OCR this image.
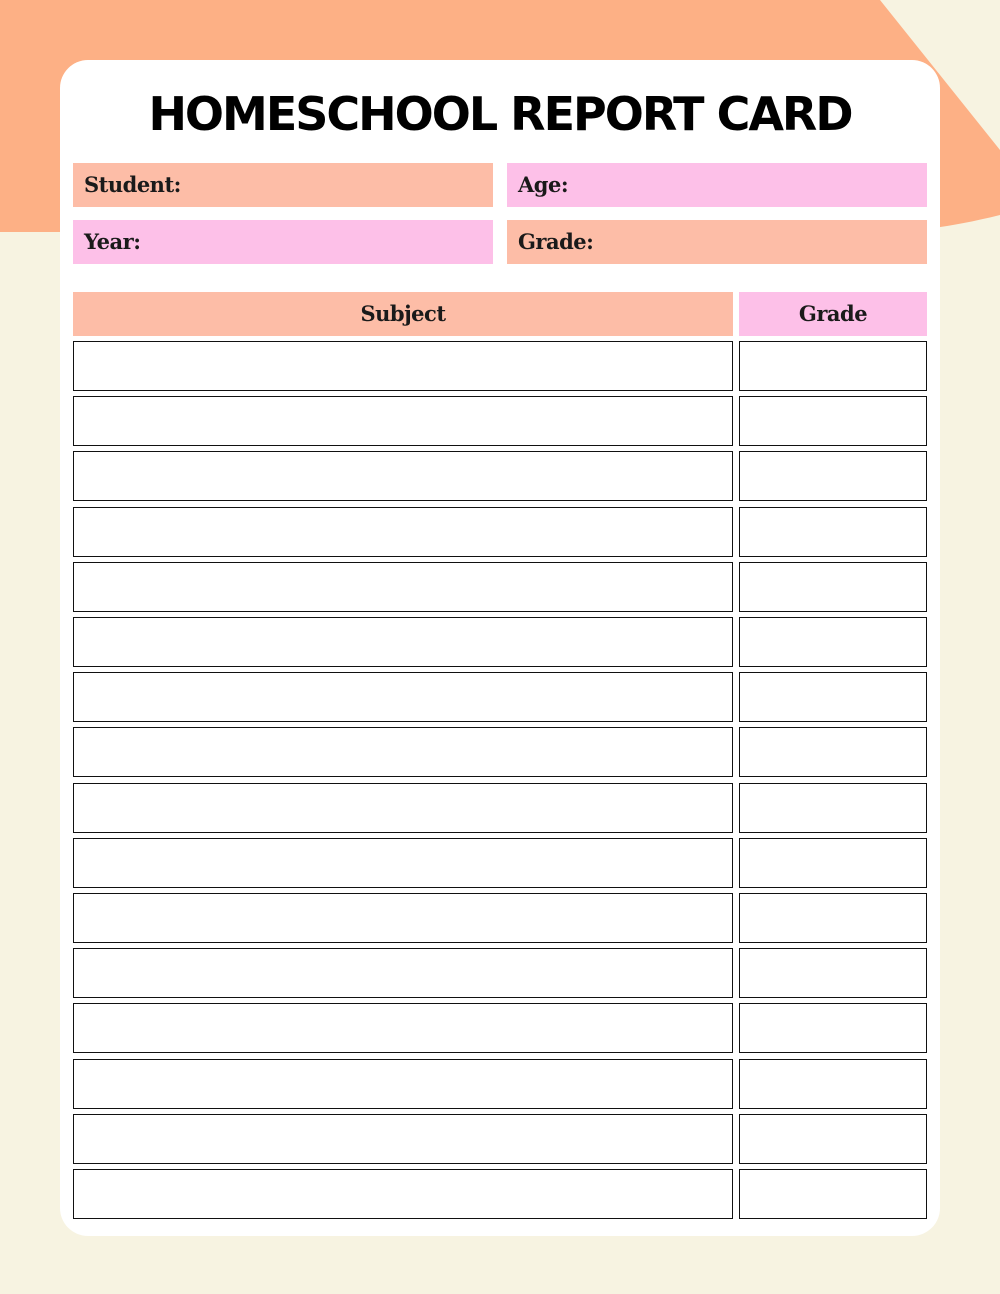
HOMESCHOOL REPORT CARD
Student:	Age:
Year:	Grade:
Subject	Grade
